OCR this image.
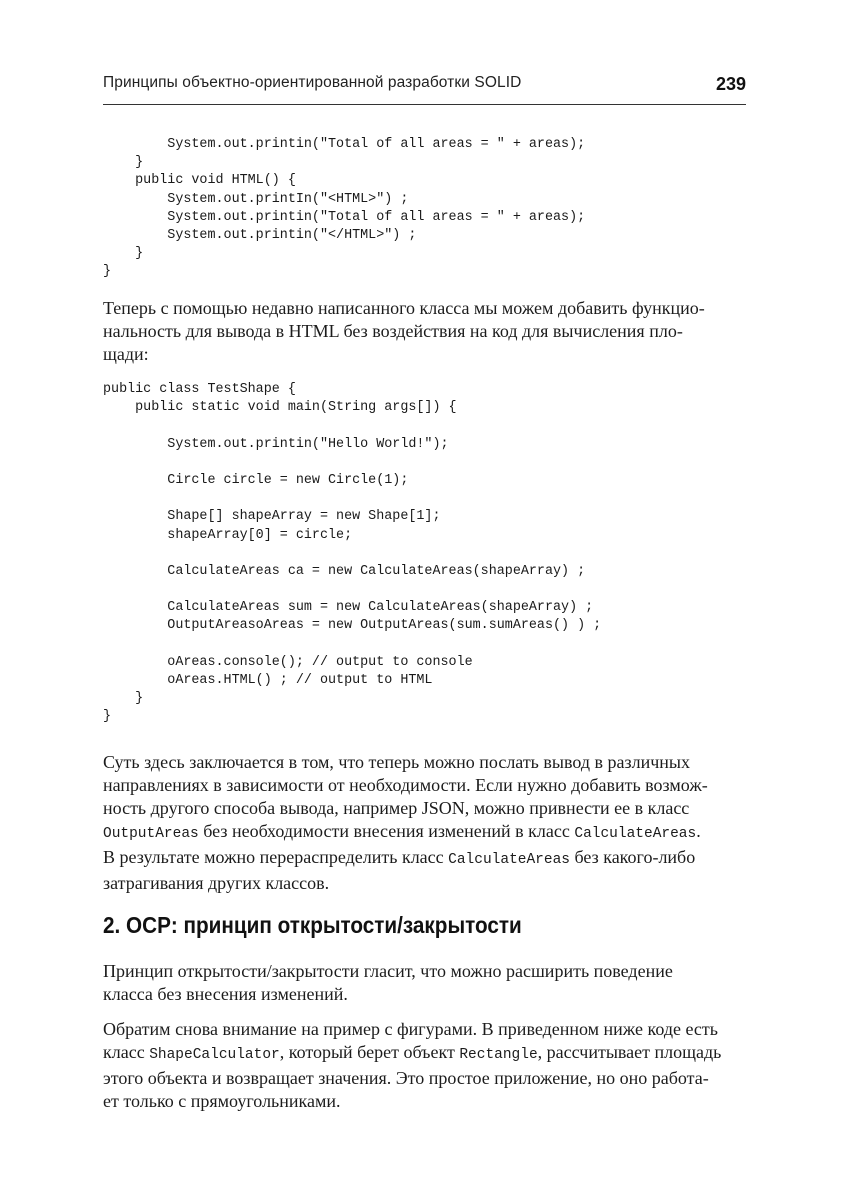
Принципы объектно-ориентированной разработки SOLID	239
System.out.printin("Total of all areas = " + areas);
}
public void HTML() {
System.out.printIn("<HTML>") ;
System.out.printin("Total of all areas = " + areas);
System.out.printin("</HTML>") ;
}
}
Теперь с помощью недавно написанного класса мы можем добавить функцио-
нальность для вывода в HTML без воздействия на код для вычисления пло-
щади:
public class TestShape {
public static void main(String args[]) {
System.out.printin("Hello World!");
Circle circle = new Circle(1);
Shape[] shapeArray = new Shape[1];
shapeArray[0] = circle;
CalculateAreas ca = new CalculateAreas(shapeArray) ;
CalculateAreas sum = new CalculateAreas(shapeArray) ;
OutputAreasoAreas = new OutputAreas(sum.sumAreas() ) ;
oAreas.console(); // output to console
oAreas.HTML() ; // output to HTML
}
}
Суть здесь заключается в том, что теперь можно послать вывод в различных
направлениях в зависимости от необходимости. Если нужно добавить возмож-
ность другого способа вывода, например JSON, можно привнести ее в класс
OutputAreas без необходимости внесения изменений в класс CalculateAreas.
В результате можно перераспределить класс CalculateAreas без какого-либо
затрагивания других классов.
2. OCP: принцип открытости/закрытости
Принцип открытости/закрытости гласит, что можно расширить поведение
класса без внесения изменений.
Обратим снова внимание на пример с фигурами. В приведенном ниже коде есть
класс ShapeCalculator, который берет объект Rectangle, рассчитывает площадь
этого объекта и возвращает значения. Это простое приложение, но оно работа-
ет только с прямоугольниками.
